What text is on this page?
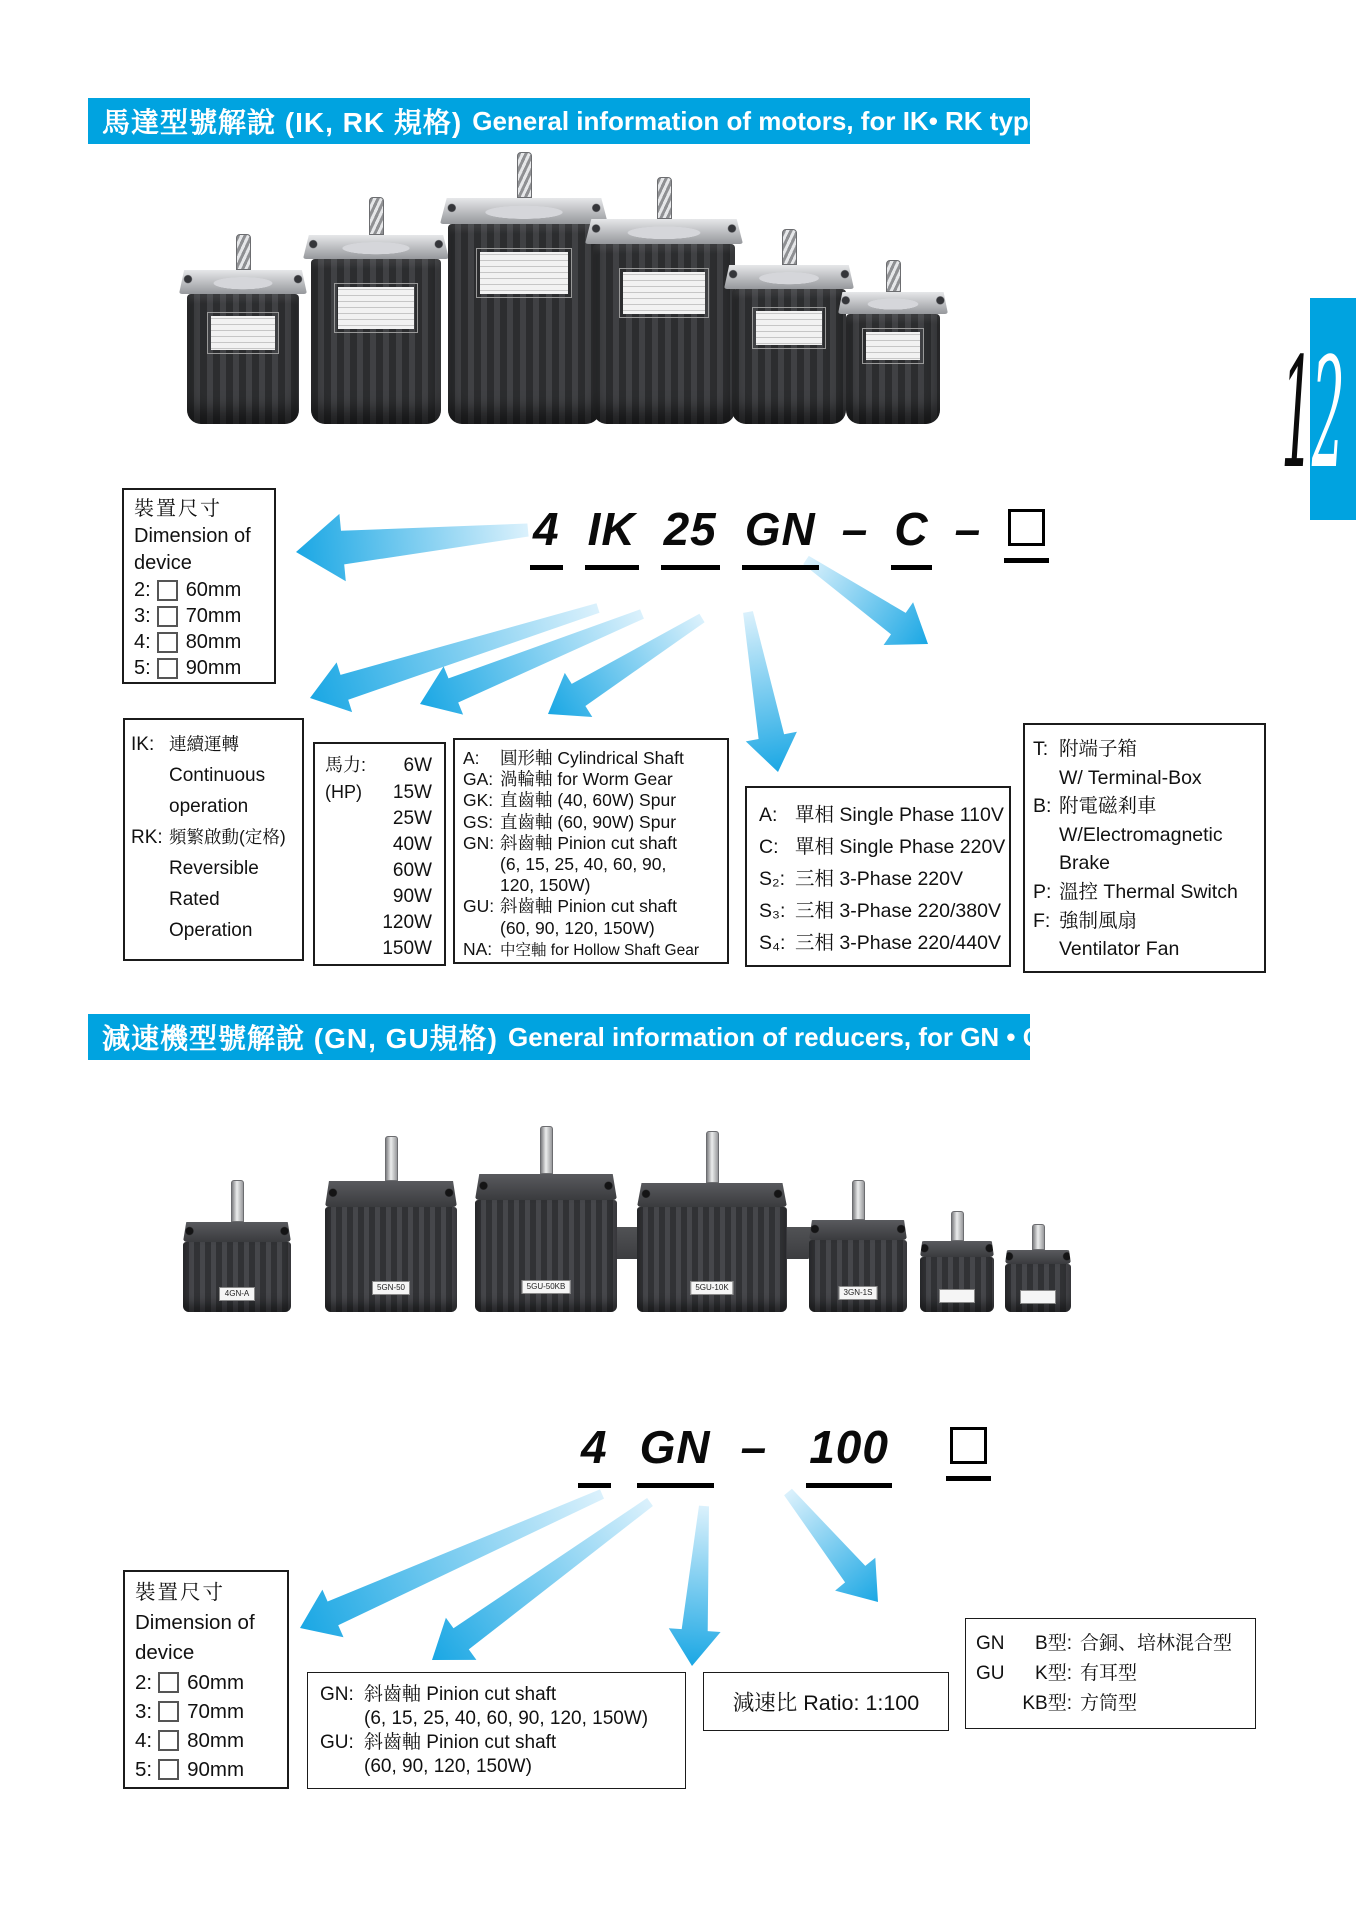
馬達型號解說 (IK, RK 規格) General information of motors, for IK• RK type
12
4 IK 25 GN – C –
裝置尺寸
Dimension of
device
2: 60mm
3: 70mm
4: 80mm
5: 90mm
IK: 連續運轉
Continuous
operation
RK: 頻繁啟動(定格)
Reversible
Rated
Operation
馬力:	6W
(HP)	15W
25W
40W
60W
90W
120W
150W
A:	圓形軸 Cylindrical Shaft
GA: 渦輪軸 for Worm Gear
GK: 直齒軸 (40, 60W) Spur
GS: 直齒軸 (60, 90W) Spur
GN: 斜齒軸 Pinion cut shaft
(6, 15, 25, 40, 60, 90,
120, 150W)
GU: 斜齒軸 Pinion cut shaft
(60, 90, 120, 150W)
NA: 中空軸 for Hollow Shaft Gear
A: 單相 Single Phase 110V
C: 單相 Single Phase 220V
S₂: 三相 3-Phase 220V
S₃: 三相 3-Phase 220/380V
S₄: 三相 3-Phase 220/440V
T: 附端子箱
W/ Terminal-Box
B: 附電磁剎車
W/Electromagnetic
Brake
P: 溫控 Thermal Switch
F: 強制風扇
Ventilator Fan
減速機型號解說 (GN, GU規格) General information of reducers, for GN • GU type
4GN-A
5GN-50	5GU-50KB	5GU-10K
3GN-1S
4 GN – 100
裝置尺寸
Dimension of
device
2: 60mm
3: 70mm
4: 80mm
5: 90mm
GN: 斜齒軸 Pinion cut shaft
(6, 15, 25, 40, 60, 90, 120, 150W)
GU: 斜齒軸 Pinion cut shaft
(60, 90, 120, 150W)
減速比 Ratio: 1:100
GN	B型: 合銅、培林混合型
GU	K型: 有耳型
KB型: 方筒型
